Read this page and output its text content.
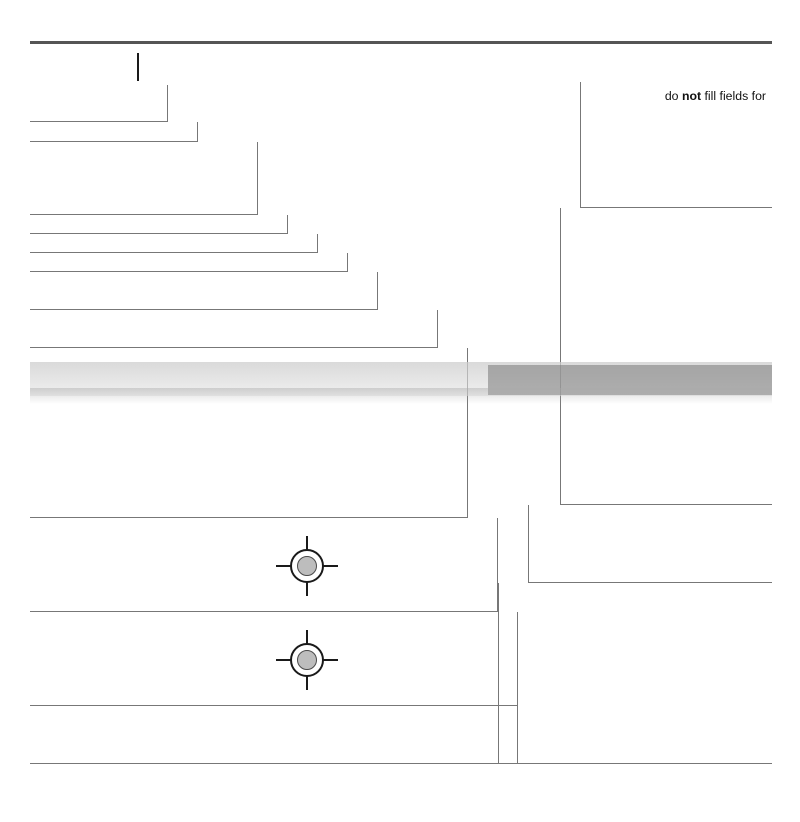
do not fill fields for
